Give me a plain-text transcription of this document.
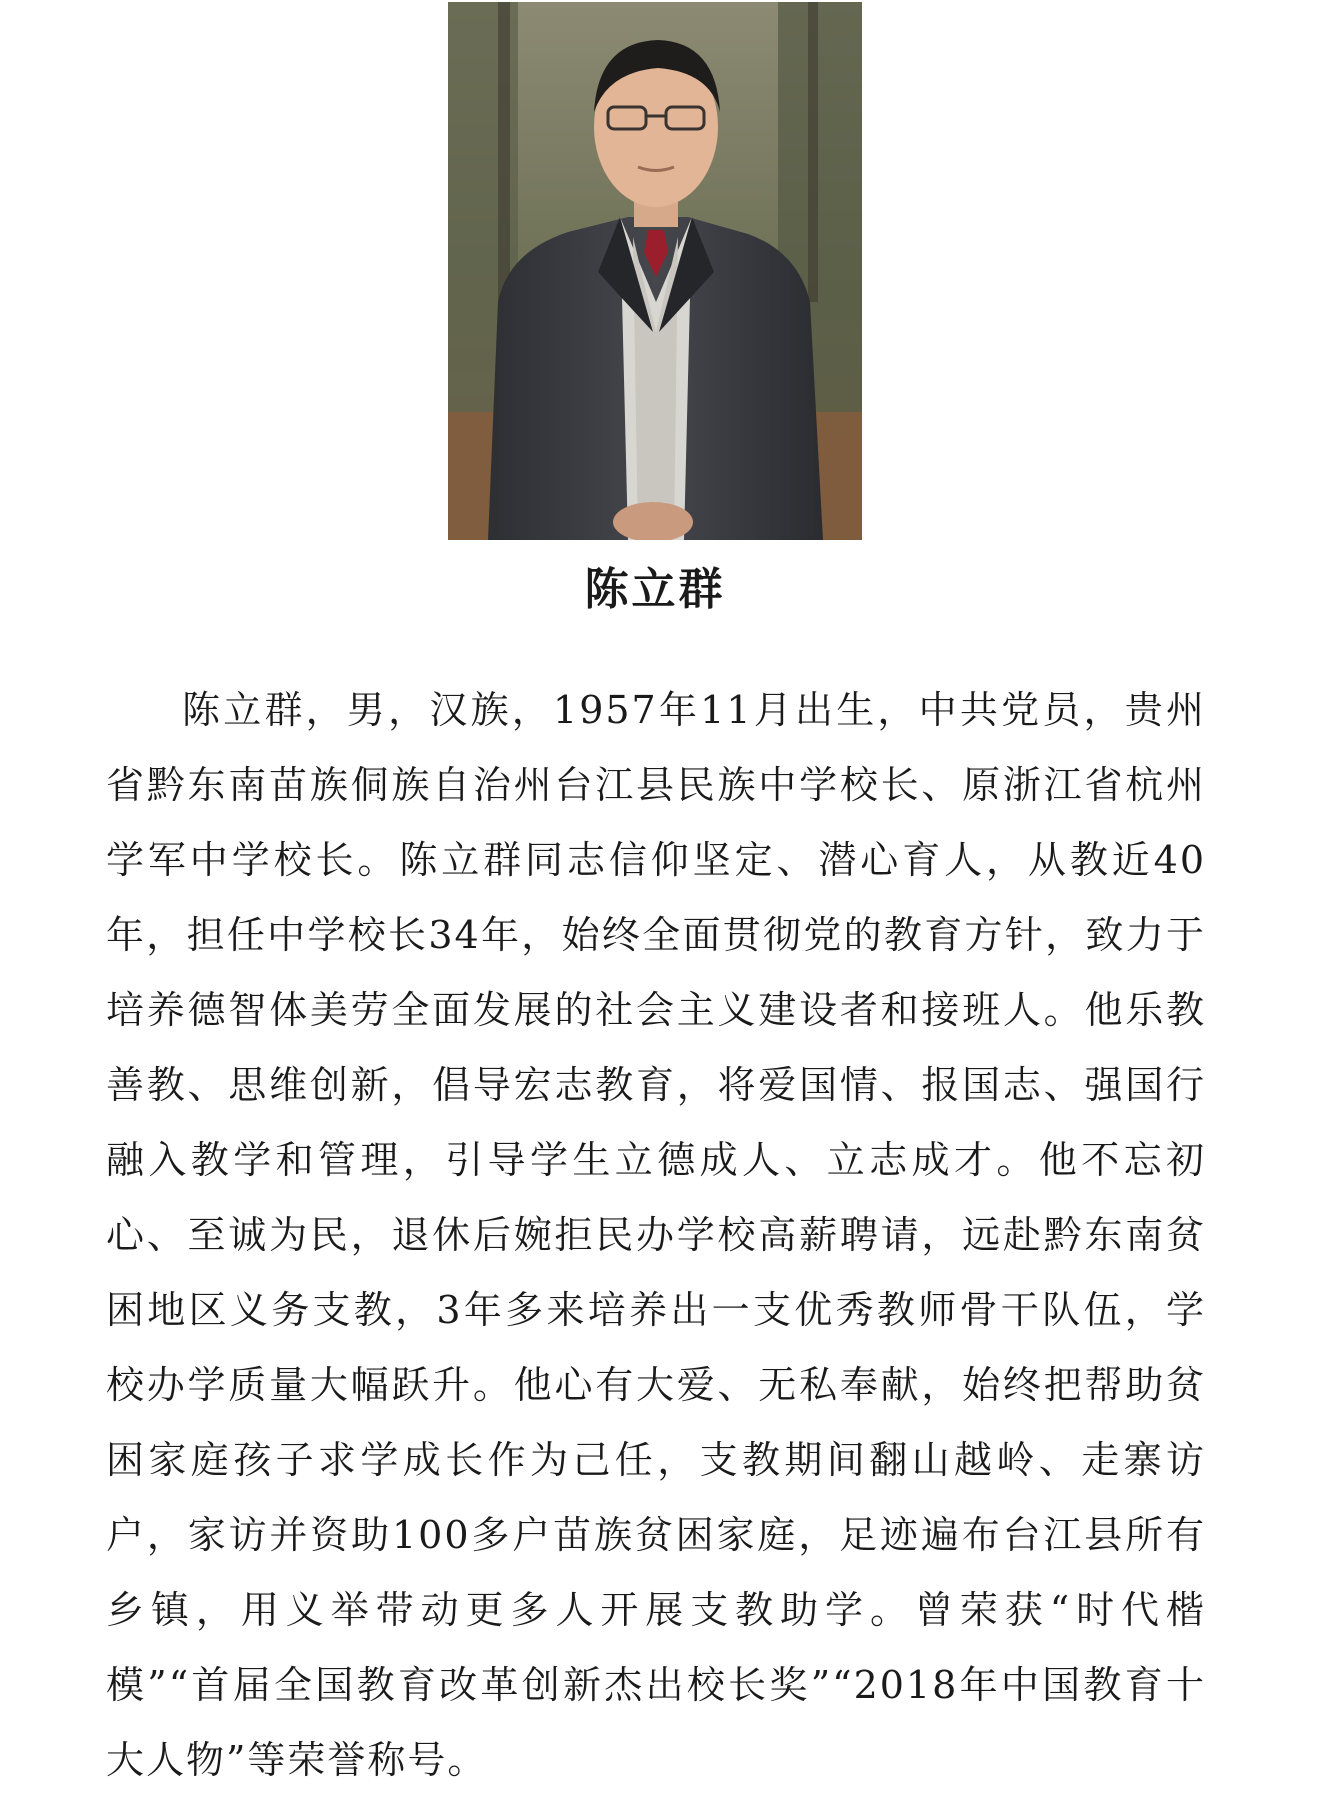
陈立群

陈立群，男，汉族，1957年11月出生，中共党员，贵州省黔东南苗族侗族自治州台江县民族中学校长、原浙江省杭州学军中学校长。陈立群同志信仰坚定、潜心育人，从教近40年，担任中学校长34年，始终全面贯彻党的教育方针，致力于培养德智体美劳全面发展的社会主义建设者和接班人。他乐教善教、思维创新，倡导宏志教育，将爱国情、报国志、强国行融入教学和管理，引导学生立德成人、立志成才。他不忘初心、至诚为民，退休后婉拒民办学校高薪聘请，远赴黔东南贫困地区义务支教，3年多来培养出一支优秀教师骨干队伍，学校办学质量大幅跃升。他心有大爱、无私奉献，始终把帮助贫困家庭孩子求学成长作为己任，支教期间翻山越岭、走寨访户，家访并资助100多户苗族贫困家庭，足迹遍布台江县所有乡镇，用义举带动更多人开展支教助学。曾荣获“时代楷模”“首届全国教育改革创新杰出校长奖”“2018年中国教育十大人物”等荣誉称号。
